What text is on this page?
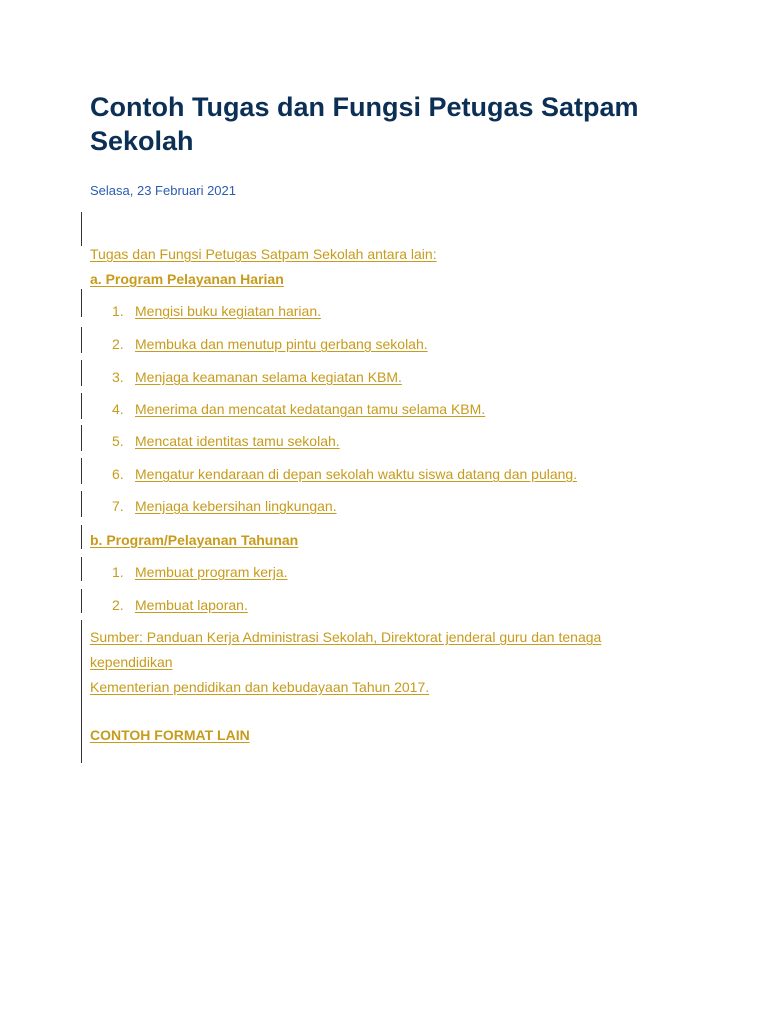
Contoh Tugas dan Fungsi Petugas Satpam Sekolah
Selasa, 23 Februari 2021
Tugas dan Fungsi Petugas Satpam Sekolah antara lain:
a. Program Pelayanan Harian
1. Mengisi buku kegiatan harian.
2. Membuka dan menutup pintu gerbang sekolah.
3. Menjaga keamanan selama kegiatan KBM.
4. Menerima dan mencatat kedatangan tamu selama KBM.
5. Mencatat identitas tamu sekolah.
6. Mengatur kendaraan di depan sekolah waktu siswa datang dan pulang.
7. Menjaga kebersihan lingkungan.
b. Program/Pelayanan Tahunan
1. Membuat program kerja.
2. Membuat laporan.
Sumber: Panduan Kerja Administrasi Sekolah, Direktorat jenderal guru dan tenaga
kependidikan
Kementerian pendidikan dan kebudayaan Tahun 2017.
CONTOH FORMAT LAIN
